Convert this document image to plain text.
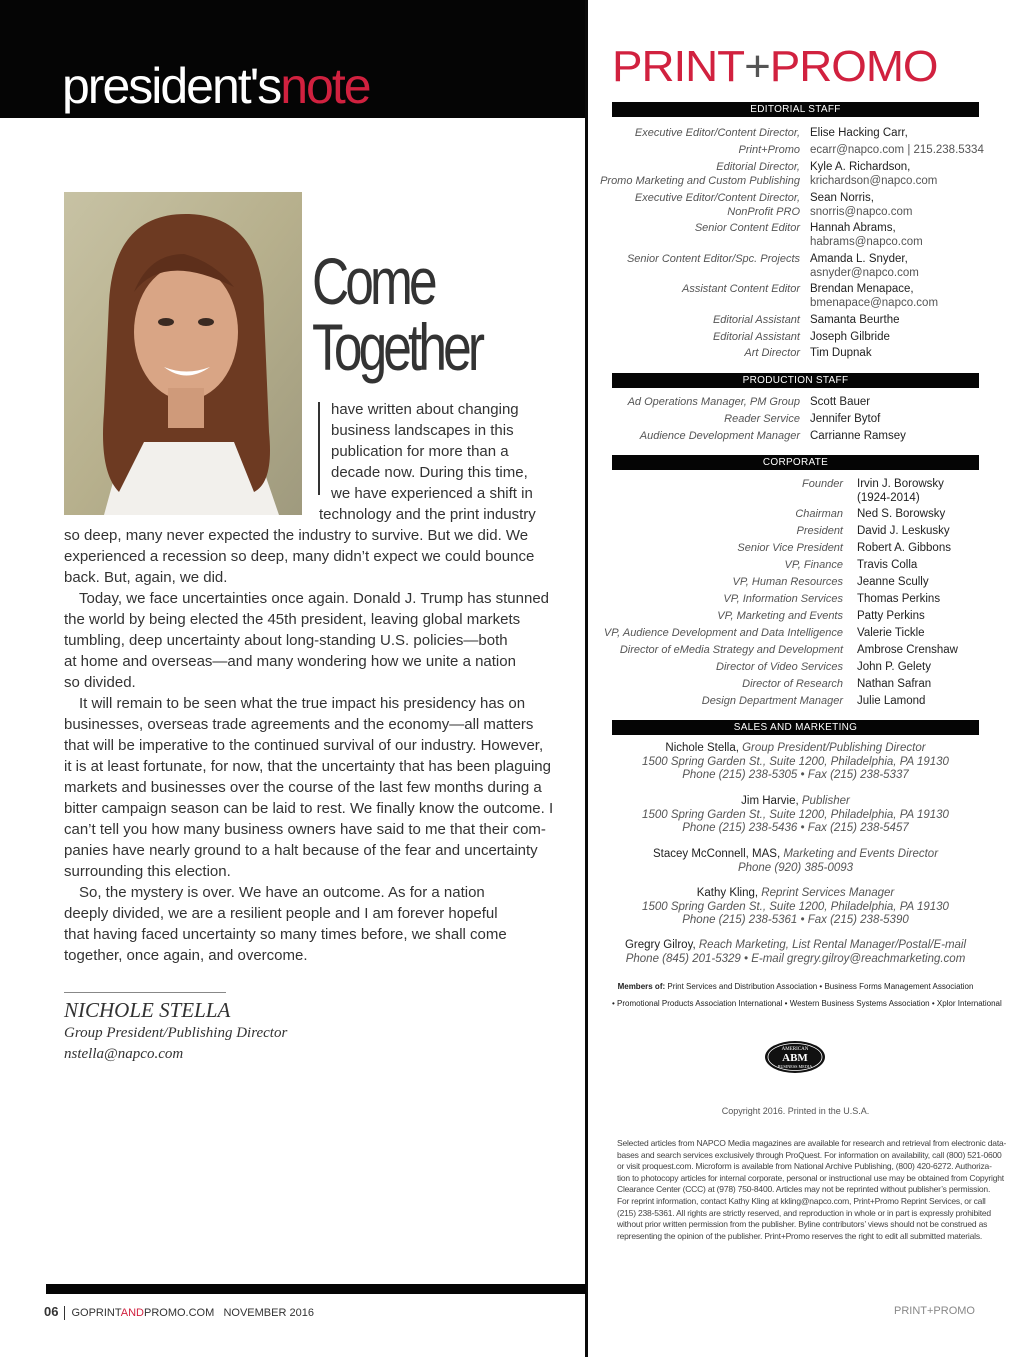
president'snote
Come
Together

have written about changing

business landscapes in this

publication for more than a

decade now. During this time,

we have experienced a shift in

technology and the print industry

so deep, many never expected the industry to survive. But we did. We

experienced a recession so deep, many didn’t expect we could bounce

back. But, again, we did.

Today, we face uncertainties once again. Donald J. Trump has stunned

the world by being elected the 45th president, leaving global markets

tumbling, deep uncertainty about long-standing U.S. policies—both

at home and overseas—and many wondering how we unite a nation

so divided.

It will remain to be seen what the true impact his presidency has on

businesses, overseas trade agreements and the economy—all matters

that will be imperative to the continued survival of our industry. However,

it is at least fortunate, for now, that the uncertainty that has been plaguing

markets and businesses over the course of the last few months during a

bitter campaign season can be laid to rest. We finally know the outcome. I

can’t tell you how many business owners have said to me that their com-

panies have nearly ground to a halt because of the fear and uncertainty

surrounding this election.

So, the mystery is over. We have an outcome. As for a nation

deeply divided, we are a resilient people and I am forever hopeful

that having faced uncertainty so many times before, we shall come

together, once again, and overcome.

NICHOLE STELLA
Group President/Publishing Director
nstella@napco.com
06 GOPRINTANDPROMO.COM NOVEMBER 2016	PRINT+PROMO
PRINT+PROMO
EDITORIAL STAFF
Executive Editor/Content Director, Elise Hacking Carr,
Print+Promo ecarr@napco.com | 215.238.5334
Editorial Director, Kyle A. Richardson,
Promo Marketing and Custom Publishing krichardson@napco.com
Executive Editor/Content Director, Sean Norris,
NonProfit PRO snorris@napco.com
Senior Content Editor Hannah Abrams,
habrams@napco.com
Senior Content Editor/Spc. Projects Amanda L. Snyder,
asnyder@napco.com
Assistant Content Editor Brendan Menapace,
bmenapace@napco.com
Editorial Assistant Samanta Beurthe
Editorial Assistant Joseph Gilbride
Art Director Tim Dupnak
PRODUCTION STAFF
Ad Operations Manager, PM Group Scott Bauer
Reader Service Jennifer Bytof
Audience Development Manager Carrianne Ramsey
CORPORATE
Founder Irvin J. Borowsky
(1924-2014)
Chairman Ned S. Borowsky
President David J. Leskusky
Senior Vice President Robert A. Gibbons
VP, Finance Travis Colla
VP, Human Resources Jeanne Scully
VP, Information Services Thomas Perkins
VP, Marketing and Events Patty Perkins
VP, Audience Development and Data Intelligence Valerie Tickle
Director of eMedia Strategy and Development Ambrose Crenshaw
Director of Video Services John P. Gelety
Director of Research Nathan Safran
Design Department Manager Julie Lamond
SALES AND MARKETING

Nichole Stella, Group President/Publishing Director

1500 Spring Garden St., Suite 1200, Philadelphia, PA 19130

Phone (215) 238-5305 • Fax (215) 238-5337

Jim Harvie, Publisher

1500 Spring Garden St., Suite 1200, Philadelphia, PA 19130

Phone (215) 238-5436 • Fax (215) 238-5457

Stacey McConnell, MAS, Marketing and Events Director

Phone (920) 385-0093

Kathy Kling, Reprint Services Manager

1500 Spring Garden St., Suite 1200, Philadelphia, PA 19130

Phone (215) 238-5361 • Fax (215) 238-5390

Gregry Gilroy, Reach Marketing, List Rental Manager/Postal/E-mail

Phone (845) 201-5329 • E-mail gregry.gilroy@reachmarketing.com

Members of: Print Services and Distribution Association • Business Forms Management Association
• Promotional Products Association International • Western Business Systems Association • Xplor International
AMERICAN
ABM
BUSINESS MEDIA
Copyright 2016. Printed in the U.S.A.

Selected articles from NAPCO Media magazines are available for research and retrieval from electronic data-

bases and search services exclusively through ProQuest. For information on availability, call (800) 521-0600

or visit proquest.com. Microform is available from National Archive Publishing, (800) 420-6272. Authoriza-

tion to photocopy articles for internal corporate, personal or instructional use may be obtained from Copyright

Clearance Center (CCC) at (978) 750-8400. Articles may not be reprinted without publisher’s permission.

For reprint information, contact Kathy Kling at kkling@napco.com, Print+Promo Reprint Services, or call

(215) 238-5361. All rights are strictly reserved, and reproduction in whole or in part is expressly prohibited

without prior written permission from the publisher. Byline contributors’ views should not be construed as

representing the opinion of the publisher. Print+Promo reserves the right to edit all submitted materials.
